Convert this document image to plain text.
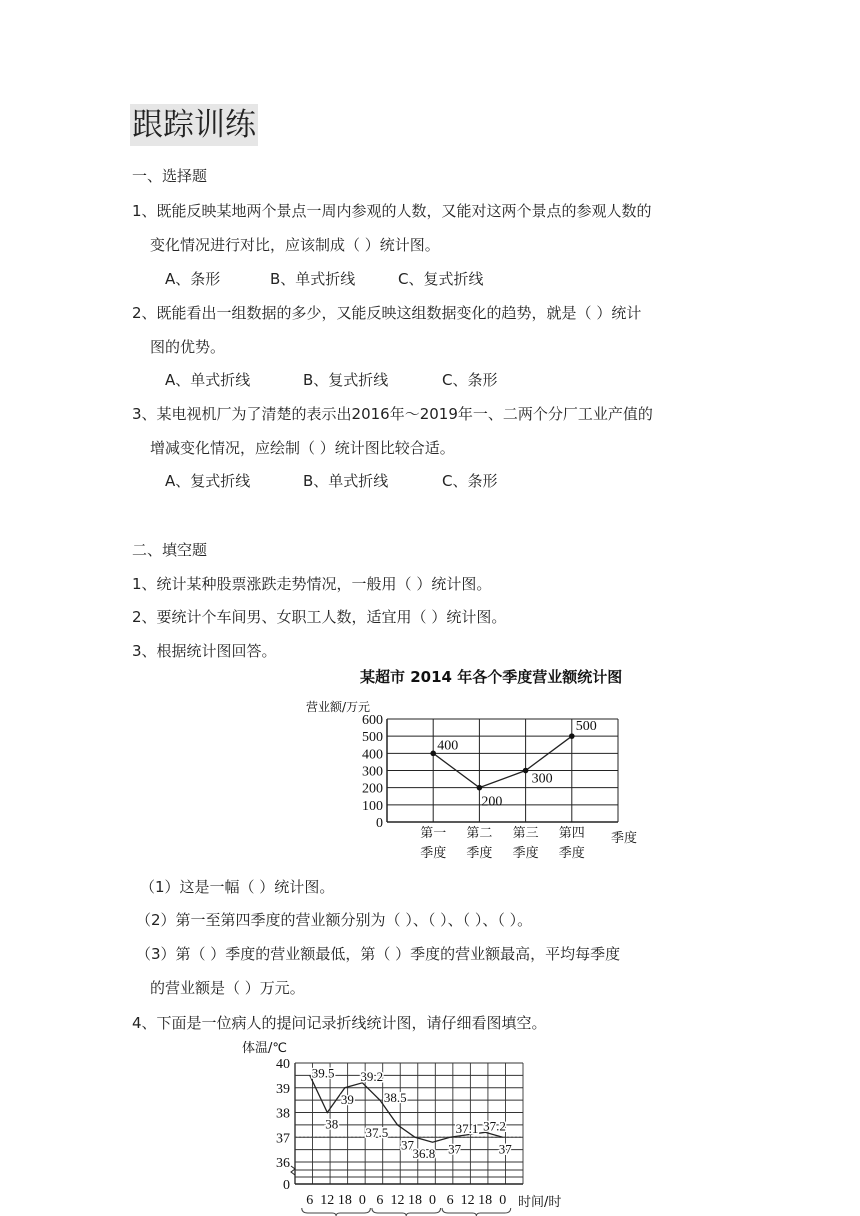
跟踪训练
一、选择题
1、既能反映某地两个景点一周内参观的人数，又能对这两个景点的参观人数的
变化情况进行对比，应该制成（ ）统计图。
A、条形	B、单式折线	C、复式折线
2、既能看出一组数据的多少，又能反映这组数据变化的趋势，就是（ ）统计
图的优势。
A、单式折线	B、复式折线	C、条形
3、某电视机厂为了清楚的表示出2016年～2019年一、二两个分厂工业产值的
增减变化情况，应绘制（ ）统计图比较合适。
A、复式折线	B、单式折线	C、条形
二、填空题
1、统计某种股票涨跌走势情况，一般用（ ）统计图。
2、要统计个车间男、女职工人数，适宜用（ ）统计图。
3、根据统计图回答。
某超市 2014 年各个季度营业额统计图
营业额/万元
季度
0
100
200
300
400
500
600
第一
季度
第二
季度
第三
季度
第四
季度
400
200
300
500
（1）这是一幅（ ）统计图。
（2）第一至第四季度的营业额分别为（ ）、（ ）、（ ）、（ ）。
（3）第（ ）季度的营业额最低，第（ ）季度的营业额最高，平均每季度
的营业额是（ ）万元。
4、下面是一位病人的提问记录折线统计图，请仔细看图填空。
体温/℃
时间/时
0
36
37
38
39
40
6 12 18 0 6 12 18 0 6 12 18 0
39.5
38
39
39.2
38.5
37.5
37
36.8 37
37.1 37.2
37
